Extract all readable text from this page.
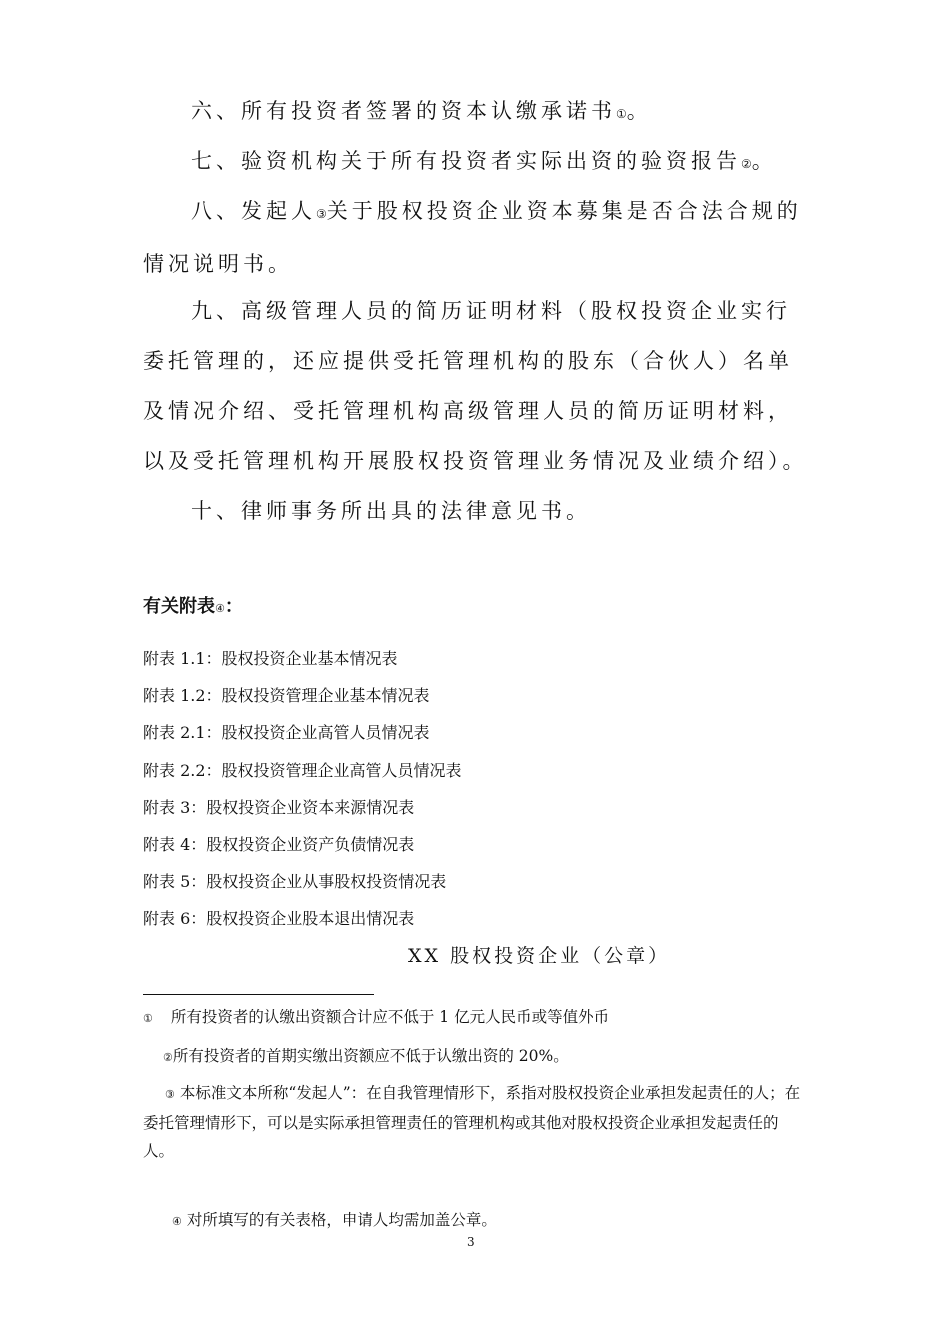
六、所有投资者签署的资本认缴承诺书①。

七、验资机构关于所有投资者实际出资的验资报告②。

八、发起人③关于股权投资企业资本募集是否合法合规的情况说明书。

九、高级管理人员的简历证明材料（股权投资企业实行委托管理的，还应提供受托管理机构的股东（合伙人）名单及情况介绍、受托管理机构高级管理人员的简历证明材料，以及受托管理机构开展股权投资管理业务情况及业绩介绍）。

十、律师事务所出具的法律意见书。

有关附表④：

附表 1.1：股权投资企业基本情况表
附表 1.2：股权投资管理企业基本情况表
附表 2.1：股权投资企业高管人员情况表
附表 2.2：股权投资管理企业高管人员情况表
附表 3：股权投资企业资本来源情况表
附表 4：股权投资企业资产负债情况表
附表 5：股权投资企业从事股权投资情况表
附表 6：股权投资企业股本退出情况表

XX 股权投资企业（公章）

① 所有投资者的认缴出资额合计应不低于 1 亿元人民币或等值外币

②所有投资者的首期实缴出资额应不低于认缴出资的 20%。

③ 本标准文本所称“发起人”：在自我管理情形下，系指对股权投资企业承担发起责任的人；在委托管理情形下，可以是实际承担管理责任的管理机构或其他对股权投资企业承担发起责任的人。

④ 对所填写的有关表格，申请人均需加盖公章。

3
